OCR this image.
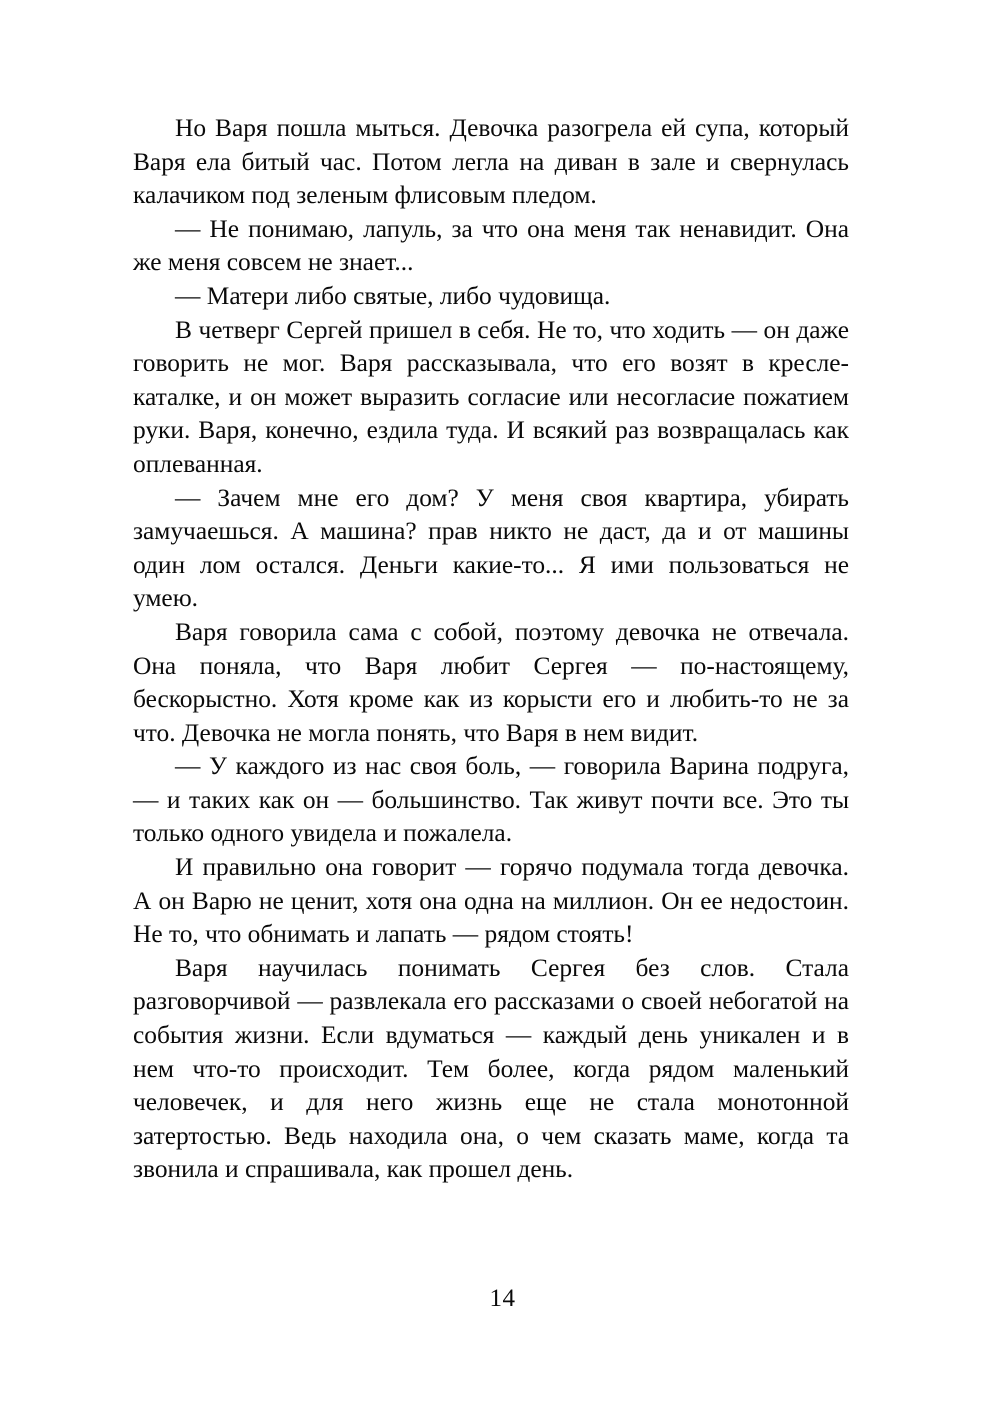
Но Варя пошла мыться. Девочка разогрела ей супа, который Варя ела битый час. Потом легла на диван в зале и свернулась калачиком под зеленым флисовым пледом.

— Не понимаю, лапуль, за что она меня так ненавидит. Она же меня совсем не знает...

— Матери либо святые, либо чудовища.

В четверг Сергей пришел в себя. Не то, что ходить — он даже говорить не мог. Варя рассказывала, что его возят в кресле-каталке, и он может выразить согласие или несогласие пожатием руки. Варя, конечно, ездила туда. И всякий раз возвращалась как оплеванная.

— Зачем мне его дом? У меня своя квартира, убирать замучаешься. А машина? прав никто не даст, да и от машины один лом остался. Деньги какие-то... Я ими пользоваться не умею.

Варя говорила сама с собой, поэтому девочка не отвечала. Она поняла, что Варя любит Сергея — по-настоящему, бескорыстно. Хотя кроме как из корысти его и любить-то не за что. Девочка не могла понять, что Варя в нем видит.

— У каждого из нас своя боль, — говорила Варина подруга, — и таких как он — большинство. Так живут почти все. Это ты только одного увидела и пожалела.

И правильно она говорит — горячо подумала тогда девочка. А он Варю не ценит, хотя она одна на миллион. Он ее недостоин. Не то, что обнимать и лапать — рядом стоять!

Варя научилась понимать Сергея без слов. Стала разговорчивой — развлекала его рассказами о своей небогатой на события жизни. Если вдуматься — каждый день уникален и в нем что-то происходит. Тем более, когда рядом маленький человечек, и для него жизнь еще не стала монотонной затертостью. Ведь находила она, о чем сказать маме, когда та звонила и спрашивала, как прошел день.

14
